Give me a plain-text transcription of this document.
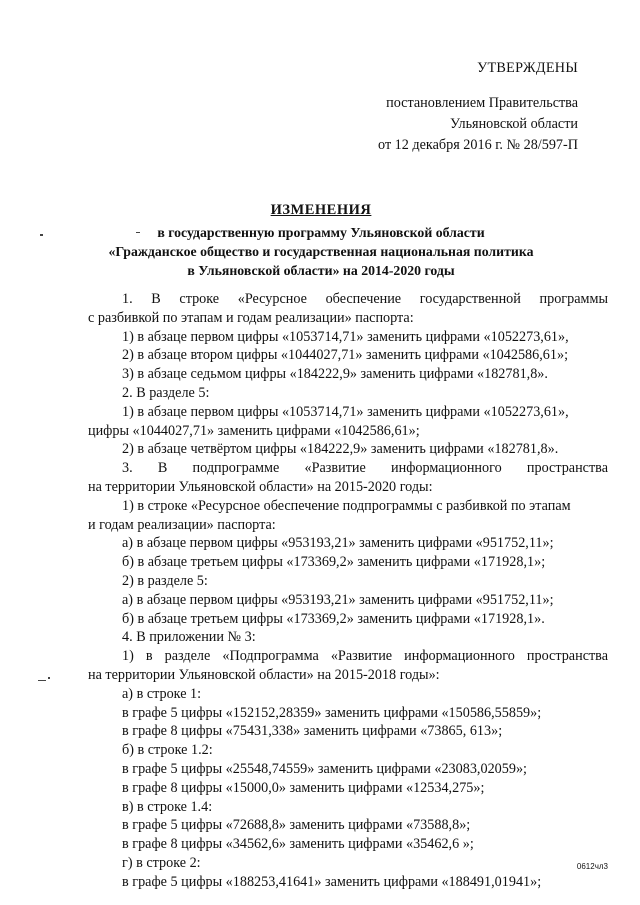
УТВЕРЖДЕНЫ
постановлением Правительства
Ульяновской области
от 12 декабря 2016 г. № 28/597-П
ИЗМЕНЕНИЯ
в государственную программу Ульяновской области
«Гражданское общество и государственная национальная политика
в Ульяновской области» на 2014-2020 годы
1. В строке «Ресурсное обеспечение государственной программы
с разбивкой по этапам и годам реализации» паспорта:
1) в абзаце первом цифры «1053714,71» заменить цифрами «1052273,61»,
2) в абзаце втором цифры «1044027,71» заменить цифрами «1042586,61»;
3) в абзаце седьмом цифры «184222,9» заменить цифрами «182781,8».
2. В разделе 5:
1) в абзаце первом цифры «1053714,71» заменить цифрами «1052273,61»,
цифры «1044027,71» заменить цифрами «1042586,61»;
2) в абзаце четвёртом цифры «184222,9» заменить цифрами «182781,8».
3. В подпрограмме «Развитие информационного пространства
на территории Ульяновской области» на 2015-2020 годы:
1) в строке «Ресурсное обеспечение подпрограммы с разбивкой по этапам
и годам реализации» паспорта:
а) в абзаце первом цифры «953193,21» заменить цифрами «951752,11»;
б) в абзаце третьем цифры «173369,2» заменить цифрами «171928,1»;
2) в разделе 5:
а) в абзаце первом цифры «953193,21» заменить цифрами «951752,11»;
б) в абзаце третьем цифры «173369,2» заменить цифрами «171928,1».
4. В приложении № 3:
1) в разделе «Подпрограмма «Развитие информационного пространства
на территории Ульяновской области» на 2015-2018 годы»:
а) в строке 1:
в графе 5 цифры «152152,28359» заменить цифрами «150586,55859»;
в графе 8 цифры «75431,338» заменить цифрами «73865, 613»;
б) в строке 1.2:
в графе 5 цифры «25548,74559» заменить цифрами «23083,02059»;
в графе 8 цифры «15000,0» заменить цифрами «12534,275»;
в) в строке 1.4:
в графе 5 цифры «72688,8» заменить цифрами «73588,8»;
в графе 8 цифры «34562,6» заменить цифрами «35462,6 »;
г) в строке 2:
в графе 5 цифры «188253,41641» заменить цифрами «188491,01941»;
0612чл3
